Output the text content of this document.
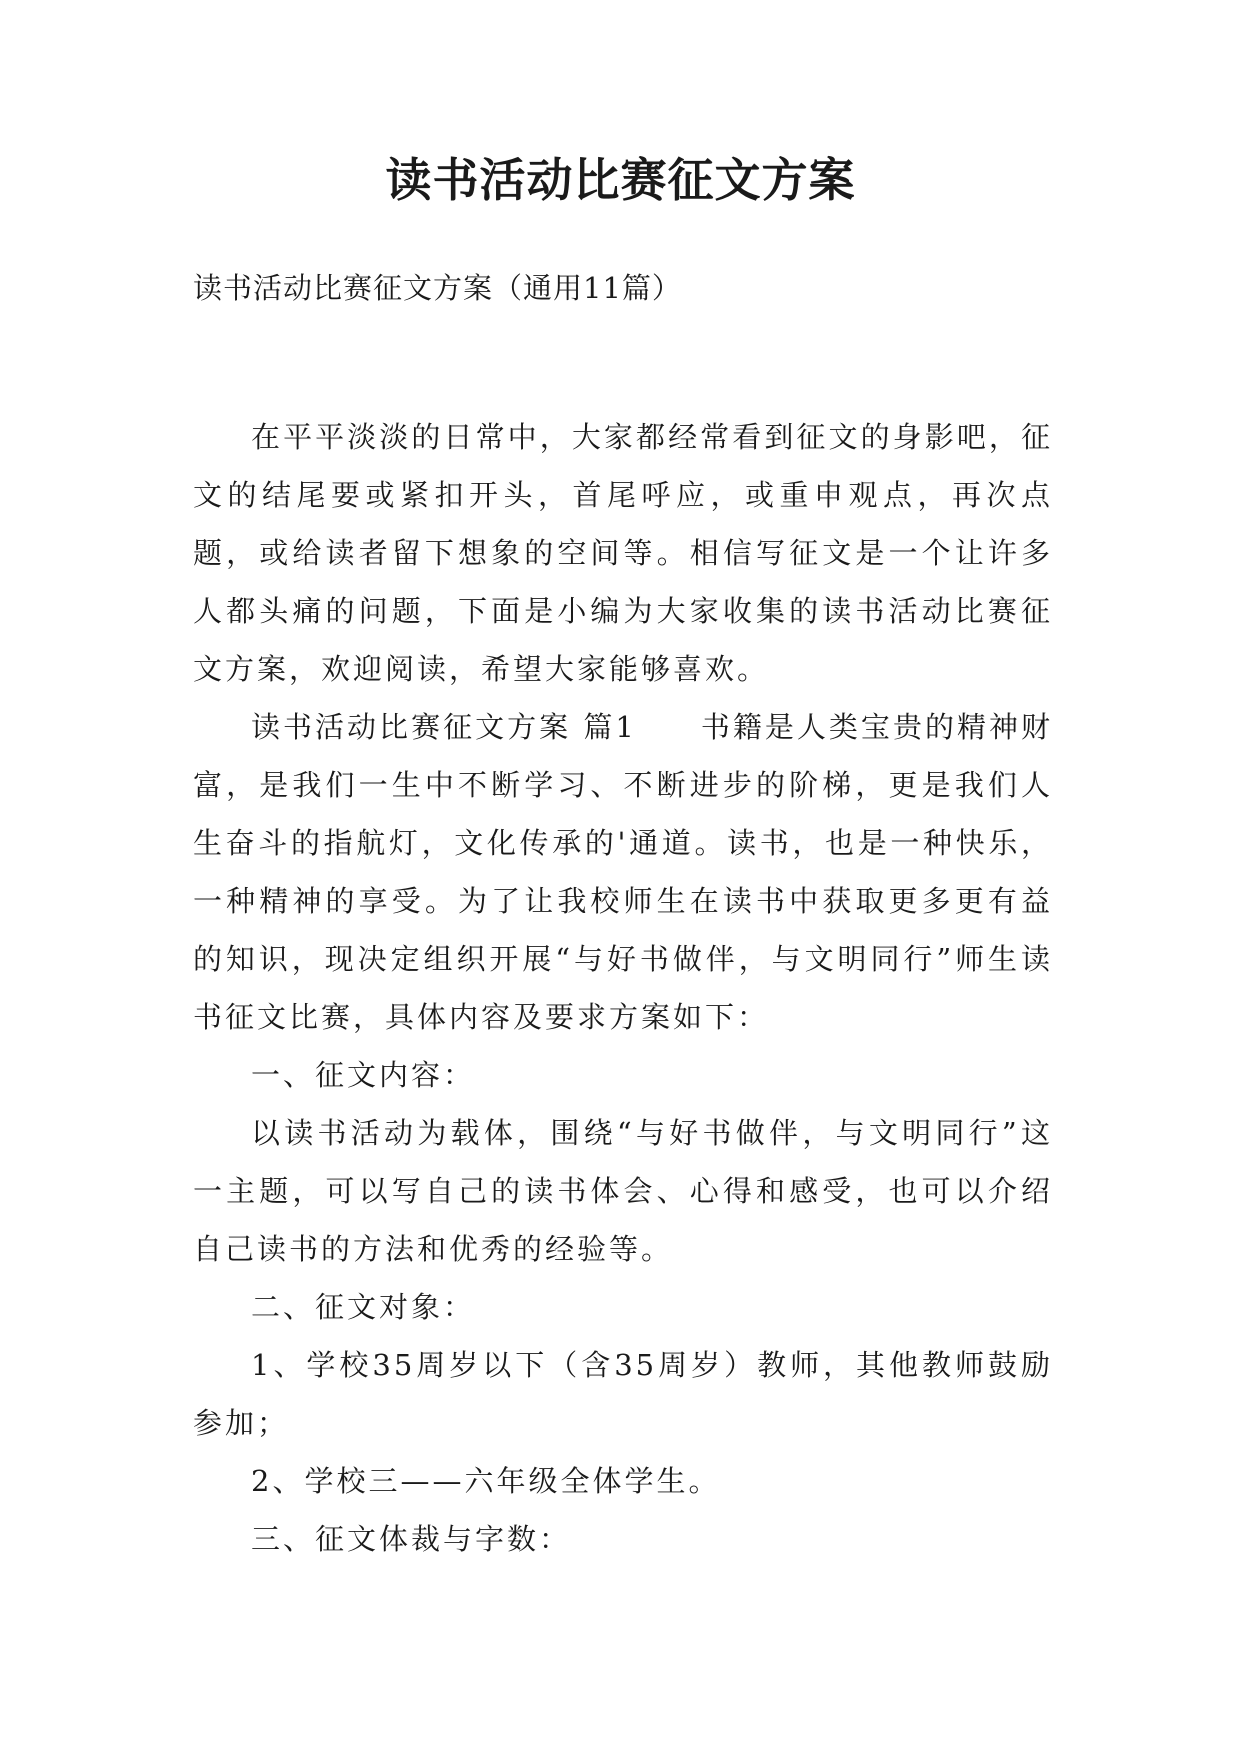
读书活动比赛征文方案
读书活动比赛征文方案（通用11篇）

在平平淡淡的日常中，大家都经常看到征文的身影吧，征文的结尾要或紧扣开头，首尾呼应，或重申观点，再次点题，或给读者留下想象的空间等。相信写征文是一个让许多人都头痛的问题，下面是小编为大家收集的读书活动比赛征文方案，欢迎阅读，希望大家能够喜欢。

读书活动比赛征文方案 篇1　　书籍是人类宝贵的精神财富，是我们一生中不断学习、不断进步的阶梯，更是我们人生奋斗的指航灯，文化传承的'通道。读书，也是一种快乐，一种精神的享受。为了让我校师生在读书中获取更多更有益的知识，现决定组织开展“与好书做伴，与文明同行”师生读书征文比赛，具体内容及要求方案如下：

一、征文内容：

以读书活动为载体，围绕“与好书做伴，与文明同行”这一主题，可以写自己的读书体会、心得和感受，也可以介绍自己读书的方法和优秀的经验等。

二、征文对象：

1、学校35周岁以下（含35周岁）教师，其他教师鼓励参加；

2、学校三——六年级全体学生。

三、征文体裁与字数：
